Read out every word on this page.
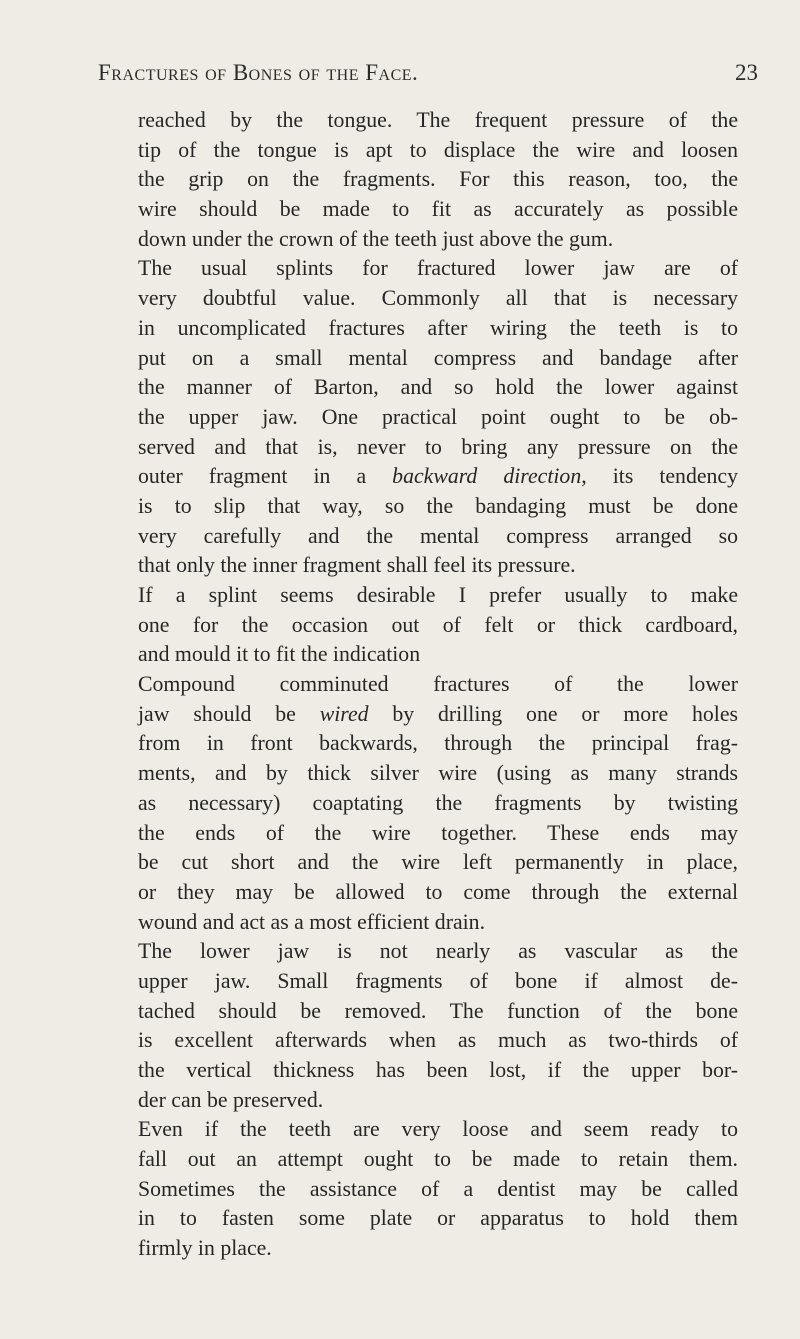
Fractures of Bones of the Face.	23
reached by the tongue. The frequent pressure of the
tip of the tongue is apt to displace the wire and loosen
the grip on the fragments. For this reason, too, the
wire should be made to fit as accurately as possible
down under the crown of the teeth just above the gum.
The usual splints for fractured lower jaw are of
very doubtful value. Commonly all that is necessary
in uncomplicated fractures after wiring the teeth is to
put on a small mental compress and bandage after
the manner of Barton, and so hold the lower against
the upper jaw. One practical point ought to be ob-
served and that is, never to bring any pressure on the
outer fragment in a backward direction, its tendency
is to slip that way, so the bandaging must be done
very carefully and the mental compress arranged so
that only the inner fragment shall feel its pressure.
If a splint seems desirable I prefer usually to make
one for the occasion out of felt or thick cardboard,
and mould it to fit the indication
Compound comminuted fractures of the lower
jaw should be wired by drilling one or more holes
from in front backwards, through the principal frag-
ments, and by thick silver wire (using as many strands
as necessary) coaptating the fragments by twisting
the ends of the wire together. These ends may
be cut short and the wire left permanently in place,
or they may be allowed to come through the external
wound and act as a most efficient drain.
The lower jaw is not nearly as vascular as the
upper jaw. Small fragments of bone if almost de-
tached should be removed. The function of the bone
is excellent afterwards when as much as two-thirds of
the vertical thickness has been lost, if the upper bor-
der can be preserved.
Even if the teeth are very loose and seem ready to
fall out an attempt ought to be made to retain them.
Sometimes the assistance of a dentist may be called
in to fasten some plate or apparatus to hold them
firmly in place.
